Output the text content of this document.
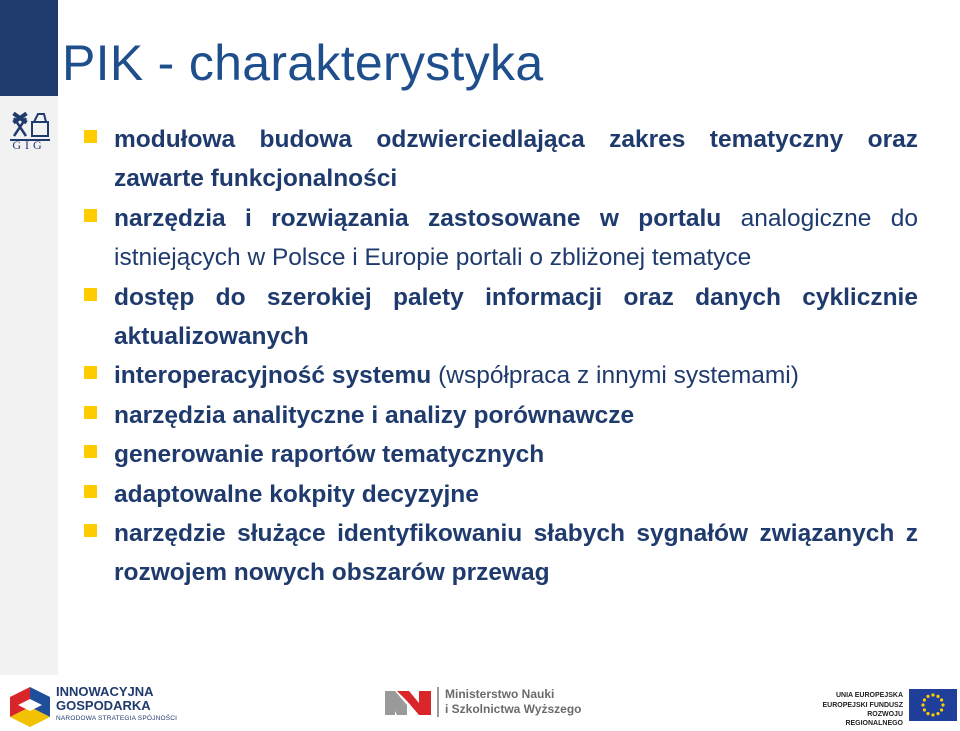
GIG
PIK - charakterystyka
modułowa budowa odzwierciedlająca zakres tematyczny oraz zawarte funkcjonalności
narzędzia i rozwiązania zastosowane w portalu analogiczne do istniejących w Polsce i Europie portali o zbliżonej tematyce
dostęp do szerokiej palety informacji oraz danych cyklicznie aktualizowanych
interoperacyjność systemu (współpraca z innymi systemami)
narzędzia analityczne i analizy porównawcze
generowanie raportów tematycznych
adaptowalne kokpity decyzyjne
narzędzie służące identyfikowaniu słabych sygnałów związanych z rozwojem nowych obszarów przewag
INNOWACYJNA
GOSPODARKA
NARODOWA STRATEGIA SPÓJNOŚCI
Ministerstwo Nauki
i Szkolnictwa Wyższego
UNIA EUROPEJSKA
EUROPEJSKI FUNDUSZ
ROZWOJU REGIONALNEGO
